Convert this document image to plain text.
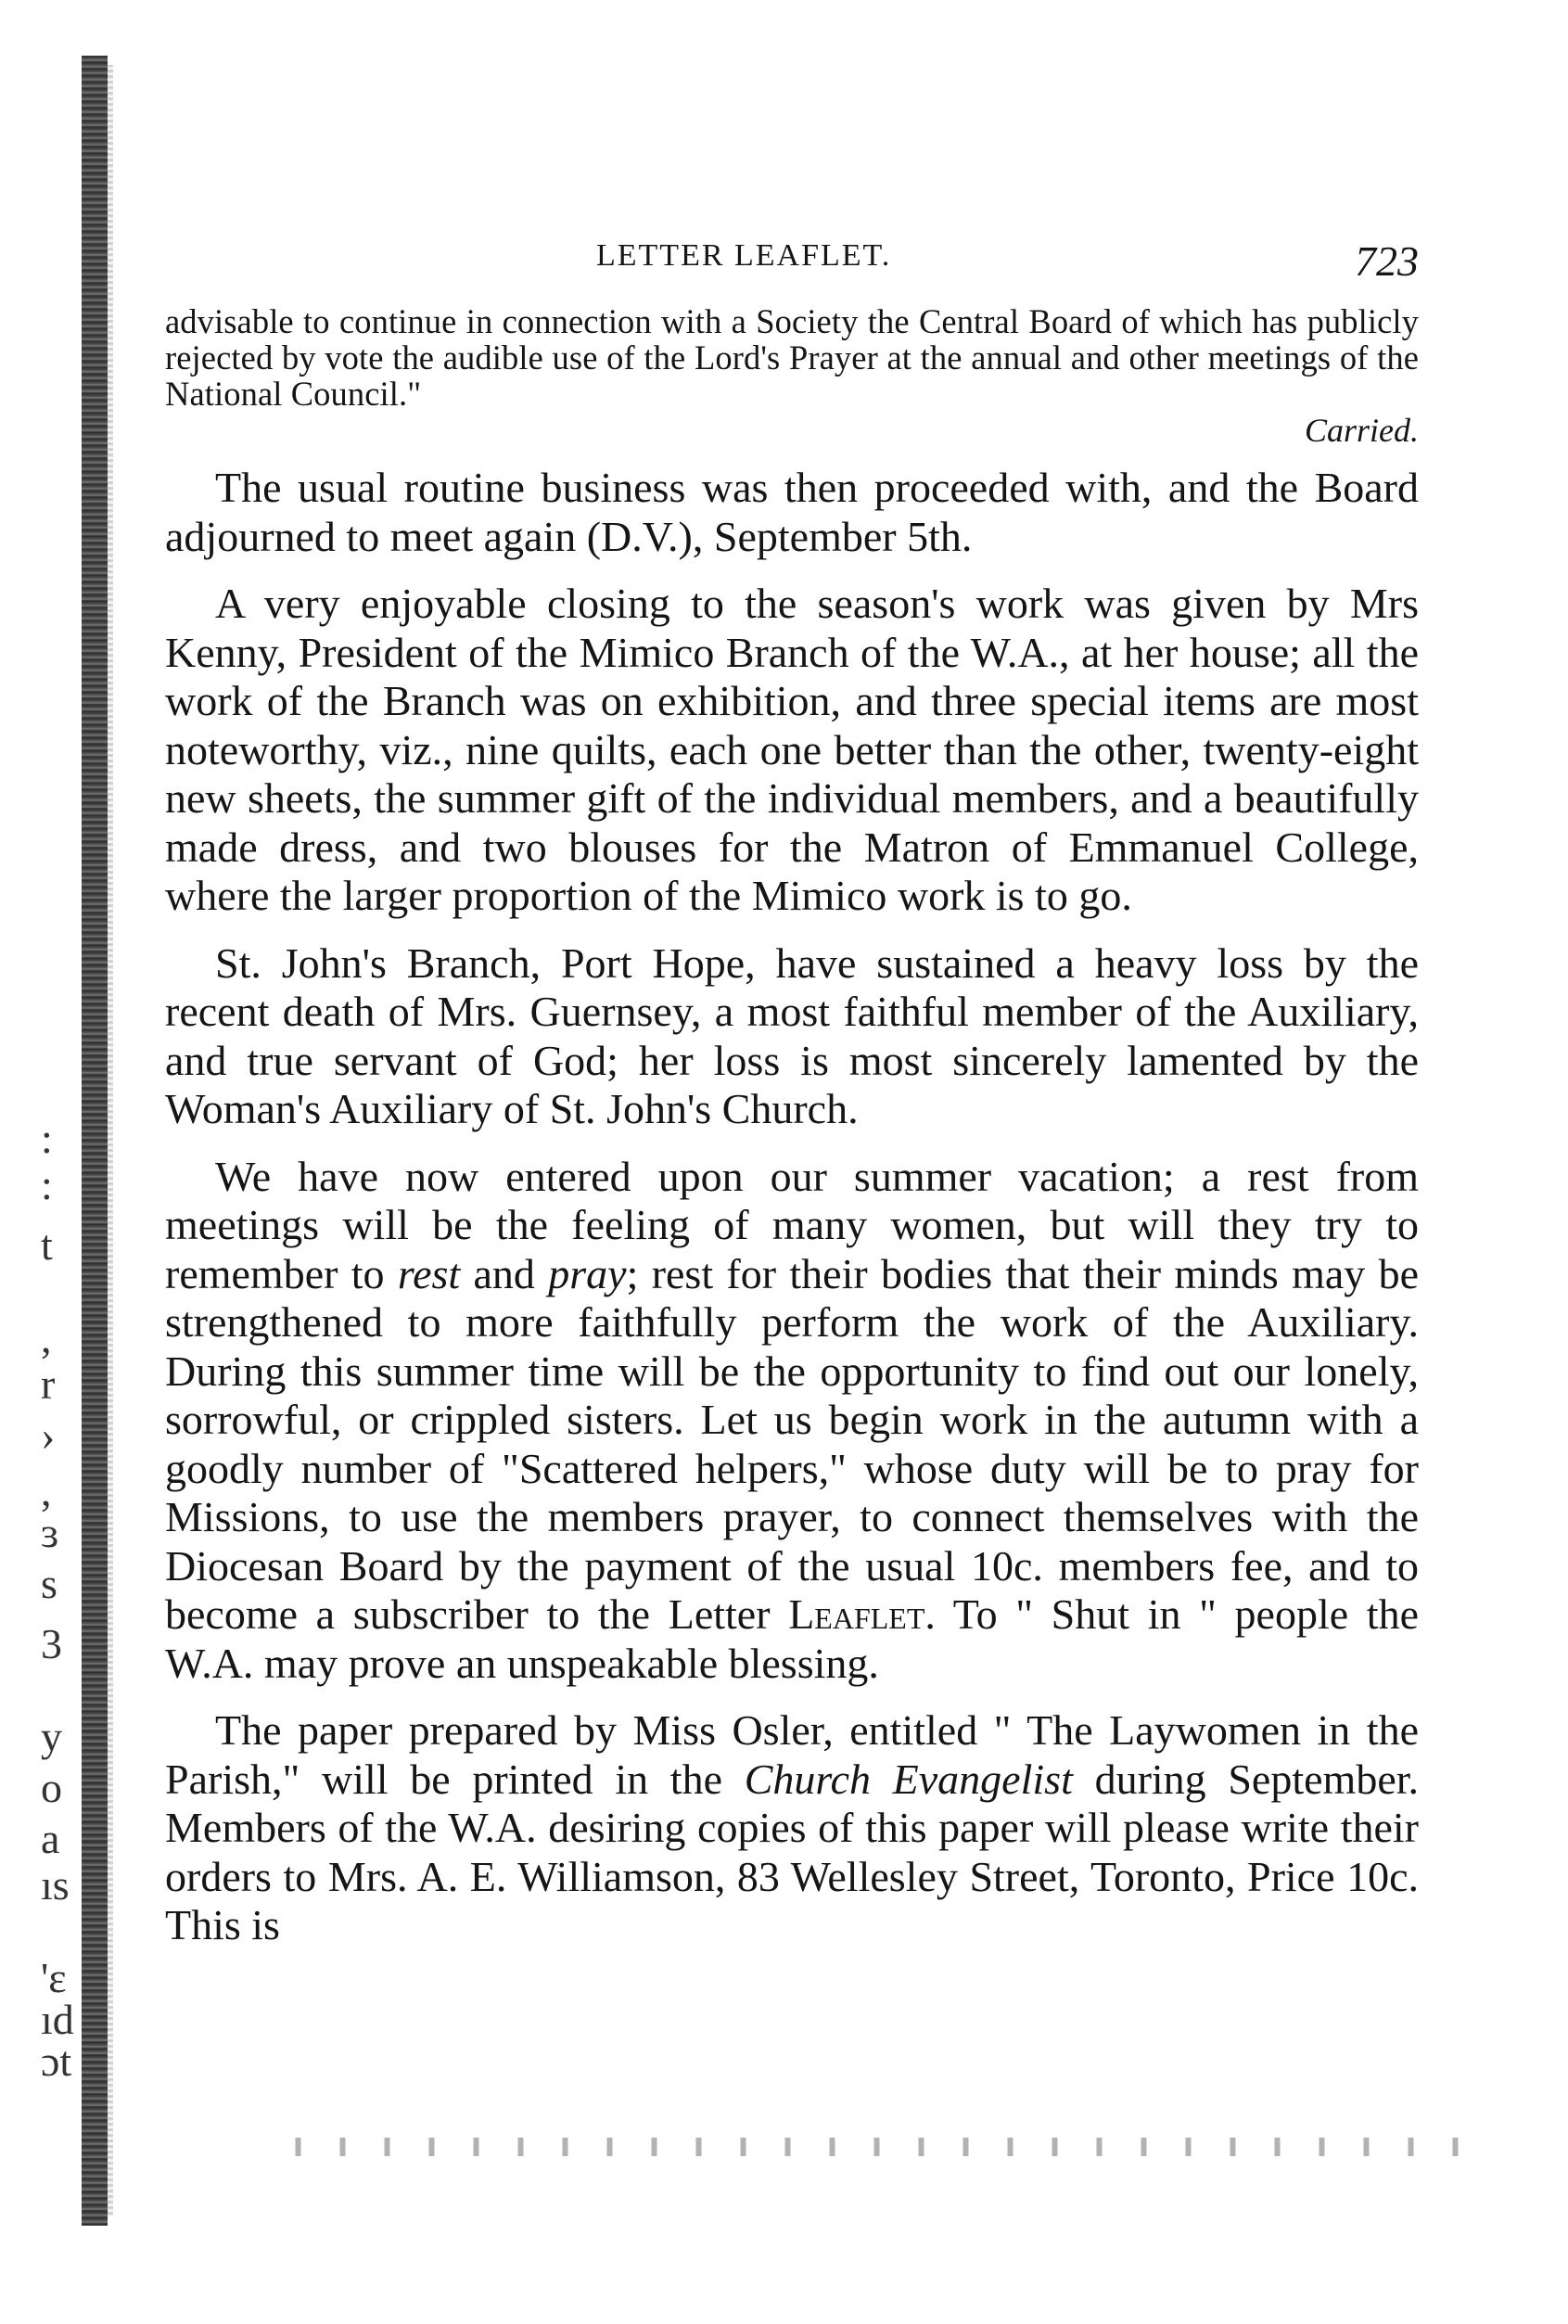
:
:
t
,
r
›
,
ɜ
s
3
y
o
a
ıs
'ɛ
ıd
ɔt
LETTER LEAFLET.	723
advisable to continue in connection with a Society the Central Board of which has publicly rejected by vote the audible use of the Lord's Prayer at the annual and other meetings of the National Council."
Carried.

The usual routine business was then proceeded with, and the Board adjourned to meet again (D.V.), September 5th.

A very enjoyable closing to the season's work was given by Mrs Kenny, President of the Mimico Branch of the W.A., at her house; all the work of the Branch was on exhibition, and three special items are most noteworthy, viz., nine quilts, each one better than the other, twenty-eight new sheets, the summer gift of the individual members, and a beautifully made dress, and two blouses for the Matron of Emmanuel College, where the larger proportion of the Mimico work is to go.

St. John's Branch, Port Hope, have sustained a heavy loss by the recent death of Mrs. Guernsey, a most faithful member of the Auxiliary, and true servant of God; her loss is most sincerely lamented by the Woman's Auxiliary of St. John's Church.

We have now entered upon our summer vacation; a rest from meetings will be the feeling of many women, but will they try to remember to rest and pray; rest for their bodies that their minds may be strengthened to more faithfully perform the work of the Auxiliary. During this summer time will be the opportunity to find out our lonely, sorrowful, or crippled sisters. Let us begin work in the autumn with a goodly number of "Scattered helpers," whose duty will be to pray for Missions, to use the members prayer, to connect themselves with the Diocesan Board by the payment of the usual 10c. members fee, and to become a subscriber to the Letter Leaflet. To " Shut in " people the W.A. may prove an unspeakable blessing.

The paper prepared by Miss Osler, entitled " The Laywomen in the Parish," will be printed in the Church Evangelist during September. Members of the W.A. desiring copies of this paper will please write their orders to Mrs. A. E. Williamson, 83 Wellesley Street, Toronto, Price 10c. This is
